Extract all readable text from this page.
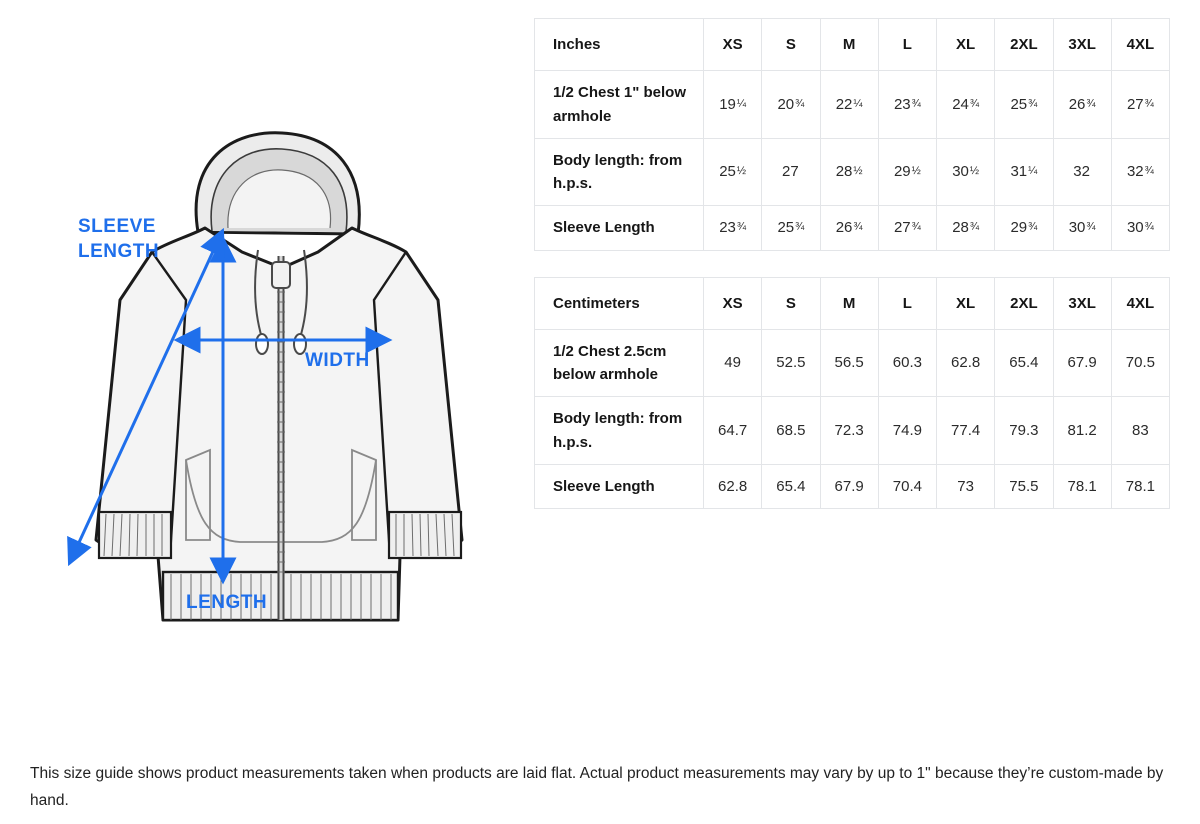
SLEEVE
LENGTH
WIDTH
LENGTH
Inches	XS	S	M	L	XL	2XL	3XL	4XL
1/2 Chest 1" below armhole	19¼	20¾	22¼	23¾	24¾	25¾	26¾	27¾
Body length: from h.p.s.	25½	27	28½	29½	30½	31¼	32	32¾
Sleeve Length	23¾	25¾	26¾	27¾	28¾	29¾	30¾	30¾
Centimeters	XS	S	M	L	XL	2XL	3XL	4XL
1/2 Chest 2.5cm below armhole	49	52.5	56.5	60.3	62.8	65.4	67.9	70.5
Body length: from h.p.s.	64.7	68.5	72.3	74.9	77.4	79.3	81.2	83
Sleeve Length	62.8	65.4	67.9	70.4	73	75.5	78.1	78.1
This size guide shows product measurements taken when products are laid flat. Actual product measurements may vary by up to 1" because they’re custom-made by hand.
